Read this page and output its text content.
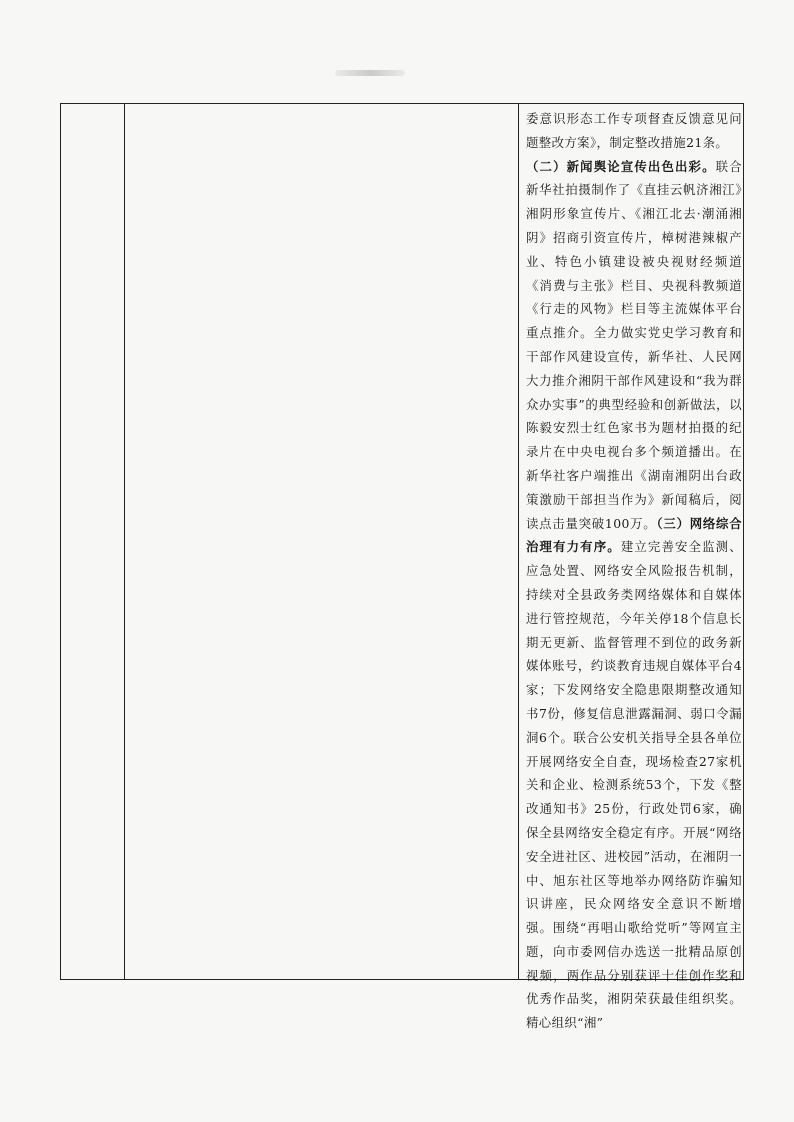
委意识形态工作专项督查反馈意见问题整改方案》，制定整改措施21条。
（二）新闻舆论宣传出色出彩。联合新华社拍摄制作了《直挂云帆济湘江》湘阴形象宣传片、《湘江北去·潮涌湘阴》招商引资宣传片，樟树港辣椒产业、特色小镇建设被央视财经频道《消费与主张》栏目、央视科教频道《行走的风物》栏目等主流媒体平台重点推介。全力做实党史学习教育和干部作风建设宣传，新华社、人民网大力推介湘阴干部作风建设和“我为群众办实事”的典型经验和创新做法，以陈毅安烈士红色家书为题材拍摄的纪录片在中央电视台多个频道播出。在新华社客户端推出《湖南湘阴出台政策激励干部担当作为》新闻稿后，阅读点击量突破100万。（三）网络综合治理有力有序。建立完善安全监测、应急处置、网络安全风险报告机制，持续对全县政务类网络媒体和自媒体进行管控规范，今年关停18个信息长期无更新、监督管理不到位的政务新媒体账号，约谈教育违规自媒体平台4家；下发网络安全隐患限期整改通知书7份，修复信息泄露漏洞、弱口令漏洞6个。联合公安机关指导全县各单位开展网络安全自查，现场检查27家机关和企业、检测系统53个，下发《整改通知书》25份，行政处罚6家，确保全县网络安全稳定有序。开展“网络安全进社区、进校园”活动，在湘阴一中、旭东社区等地举办网络防诈骗知识讲座，民众网络安全意识不断增强。围绕“再唱山歌给党听”等网宣主题，向市委网信办选送一批精品原创视频，两作品分别获评十佳创作奖和优秀作品奖，湘阴荣获最佳组织奖。精心组织“湘”
